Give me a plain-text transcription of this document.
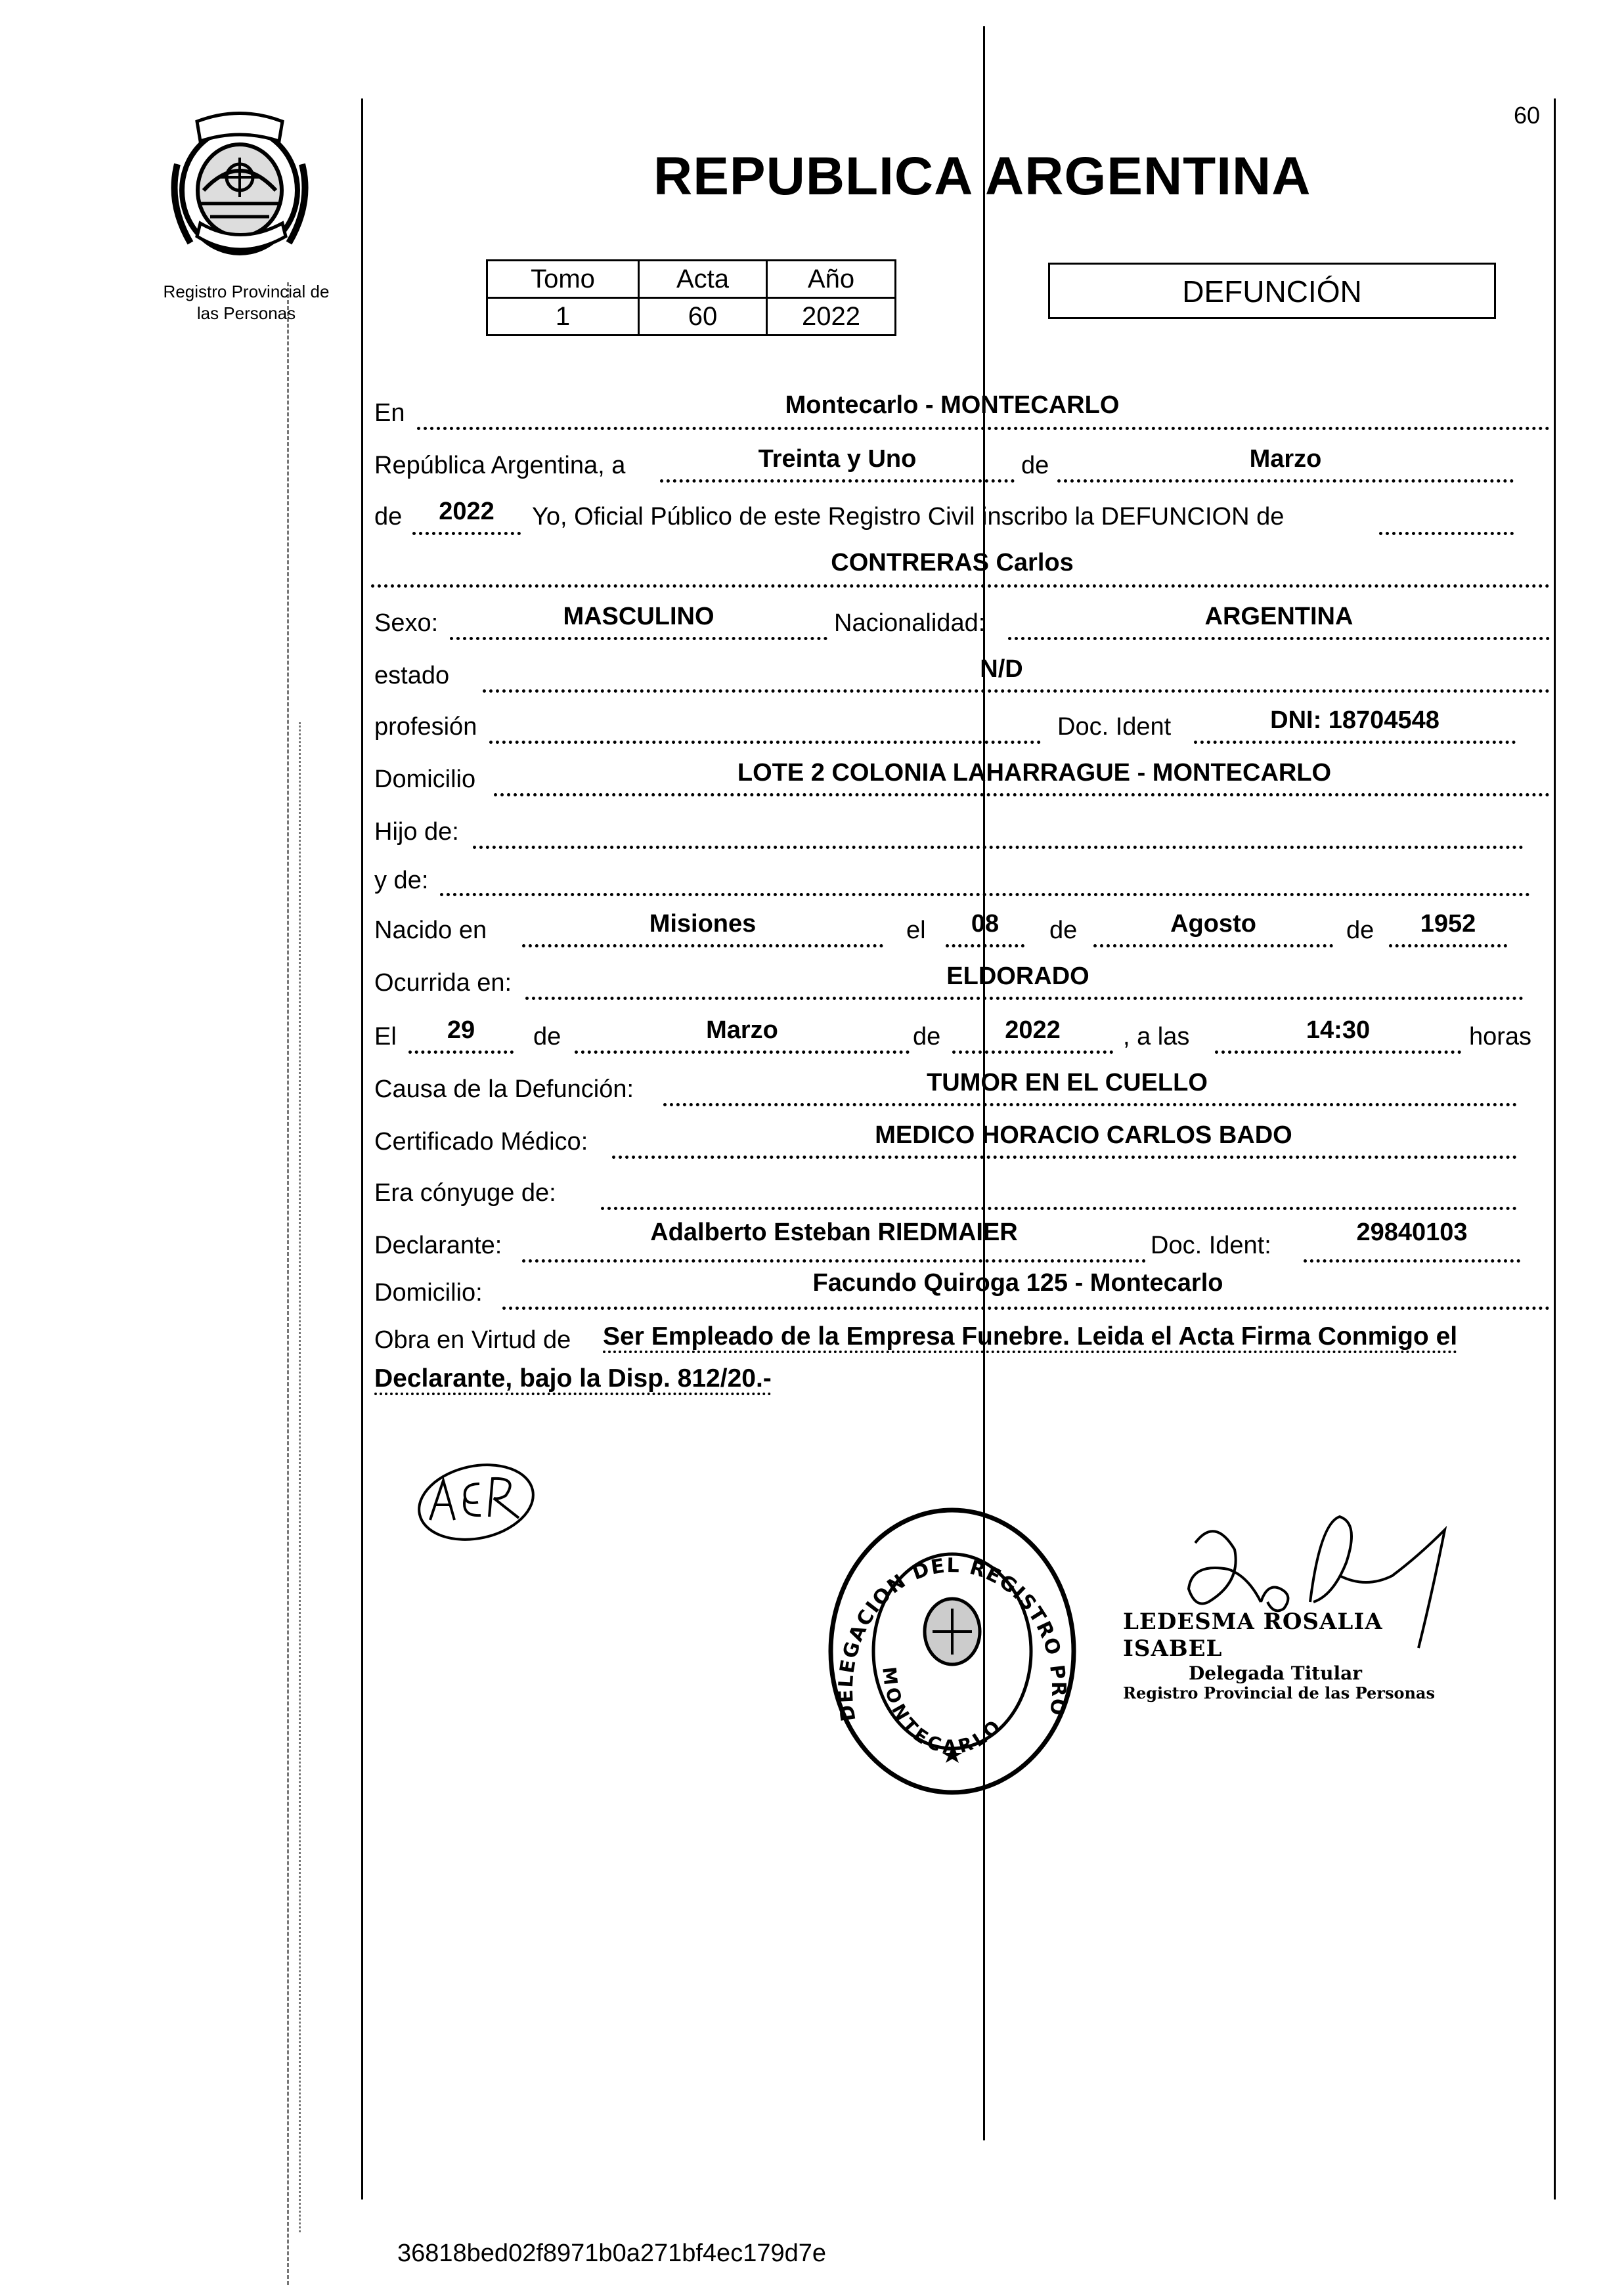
Registro Provincial de
las Personas
60
REPUBLICA ARGENTINA
Tomo	Acta	Año
1	60	2022
DEFUNCIÓN
En	Montecarlo - MONTECARLO
República Argentina, a	Treinta y Uno	de	Marzo
de	2022	Yo, Oficial Público de este Registro Civil inscribo la DEFUNCION de
CONTRERAS Carlos
Sexo:	MASCULINO	Nacionalidad:	ARGENTINA
estado	N/D
profesión	Doc. Ident	DNI: 18704548
Domicilio	LOTE 2 COLONIA LAHARRAGUE - MONTECARLO
Hijo de:
y de:
Nacido en	Misiones	el	08	de	Agosto	de	1952
Ocurrida en:	ELDORADO
El	29	de	Marzo	de	2022	, a las	14:30	horas
Causa de la Defunción:	TUMOR EN EL CUELLO
Certificado Médico:	MEDICO HORACIO CARLOS BADO
Era cónyuge de:
Declarante:	Adalberto Esteban RIEDMAIER	Doc. Ident:	29840103
Domicilio:	Facundo Quiroga 125 - Montecarlo
Obra en Virtud de Ser Empleado de la Empresa Funebre. Leida el Acta Firma Conmigo el
Declarante, bajo la Disp. 812/20.-
DELEGACION DEL REGISTRO PRO
MONTECARLO
LEDESMA ROSALIA ISABEL
Delegada Titular
Registro Provincial de las Personas
36818bed02f8971b0a271bf4ec179d7e
